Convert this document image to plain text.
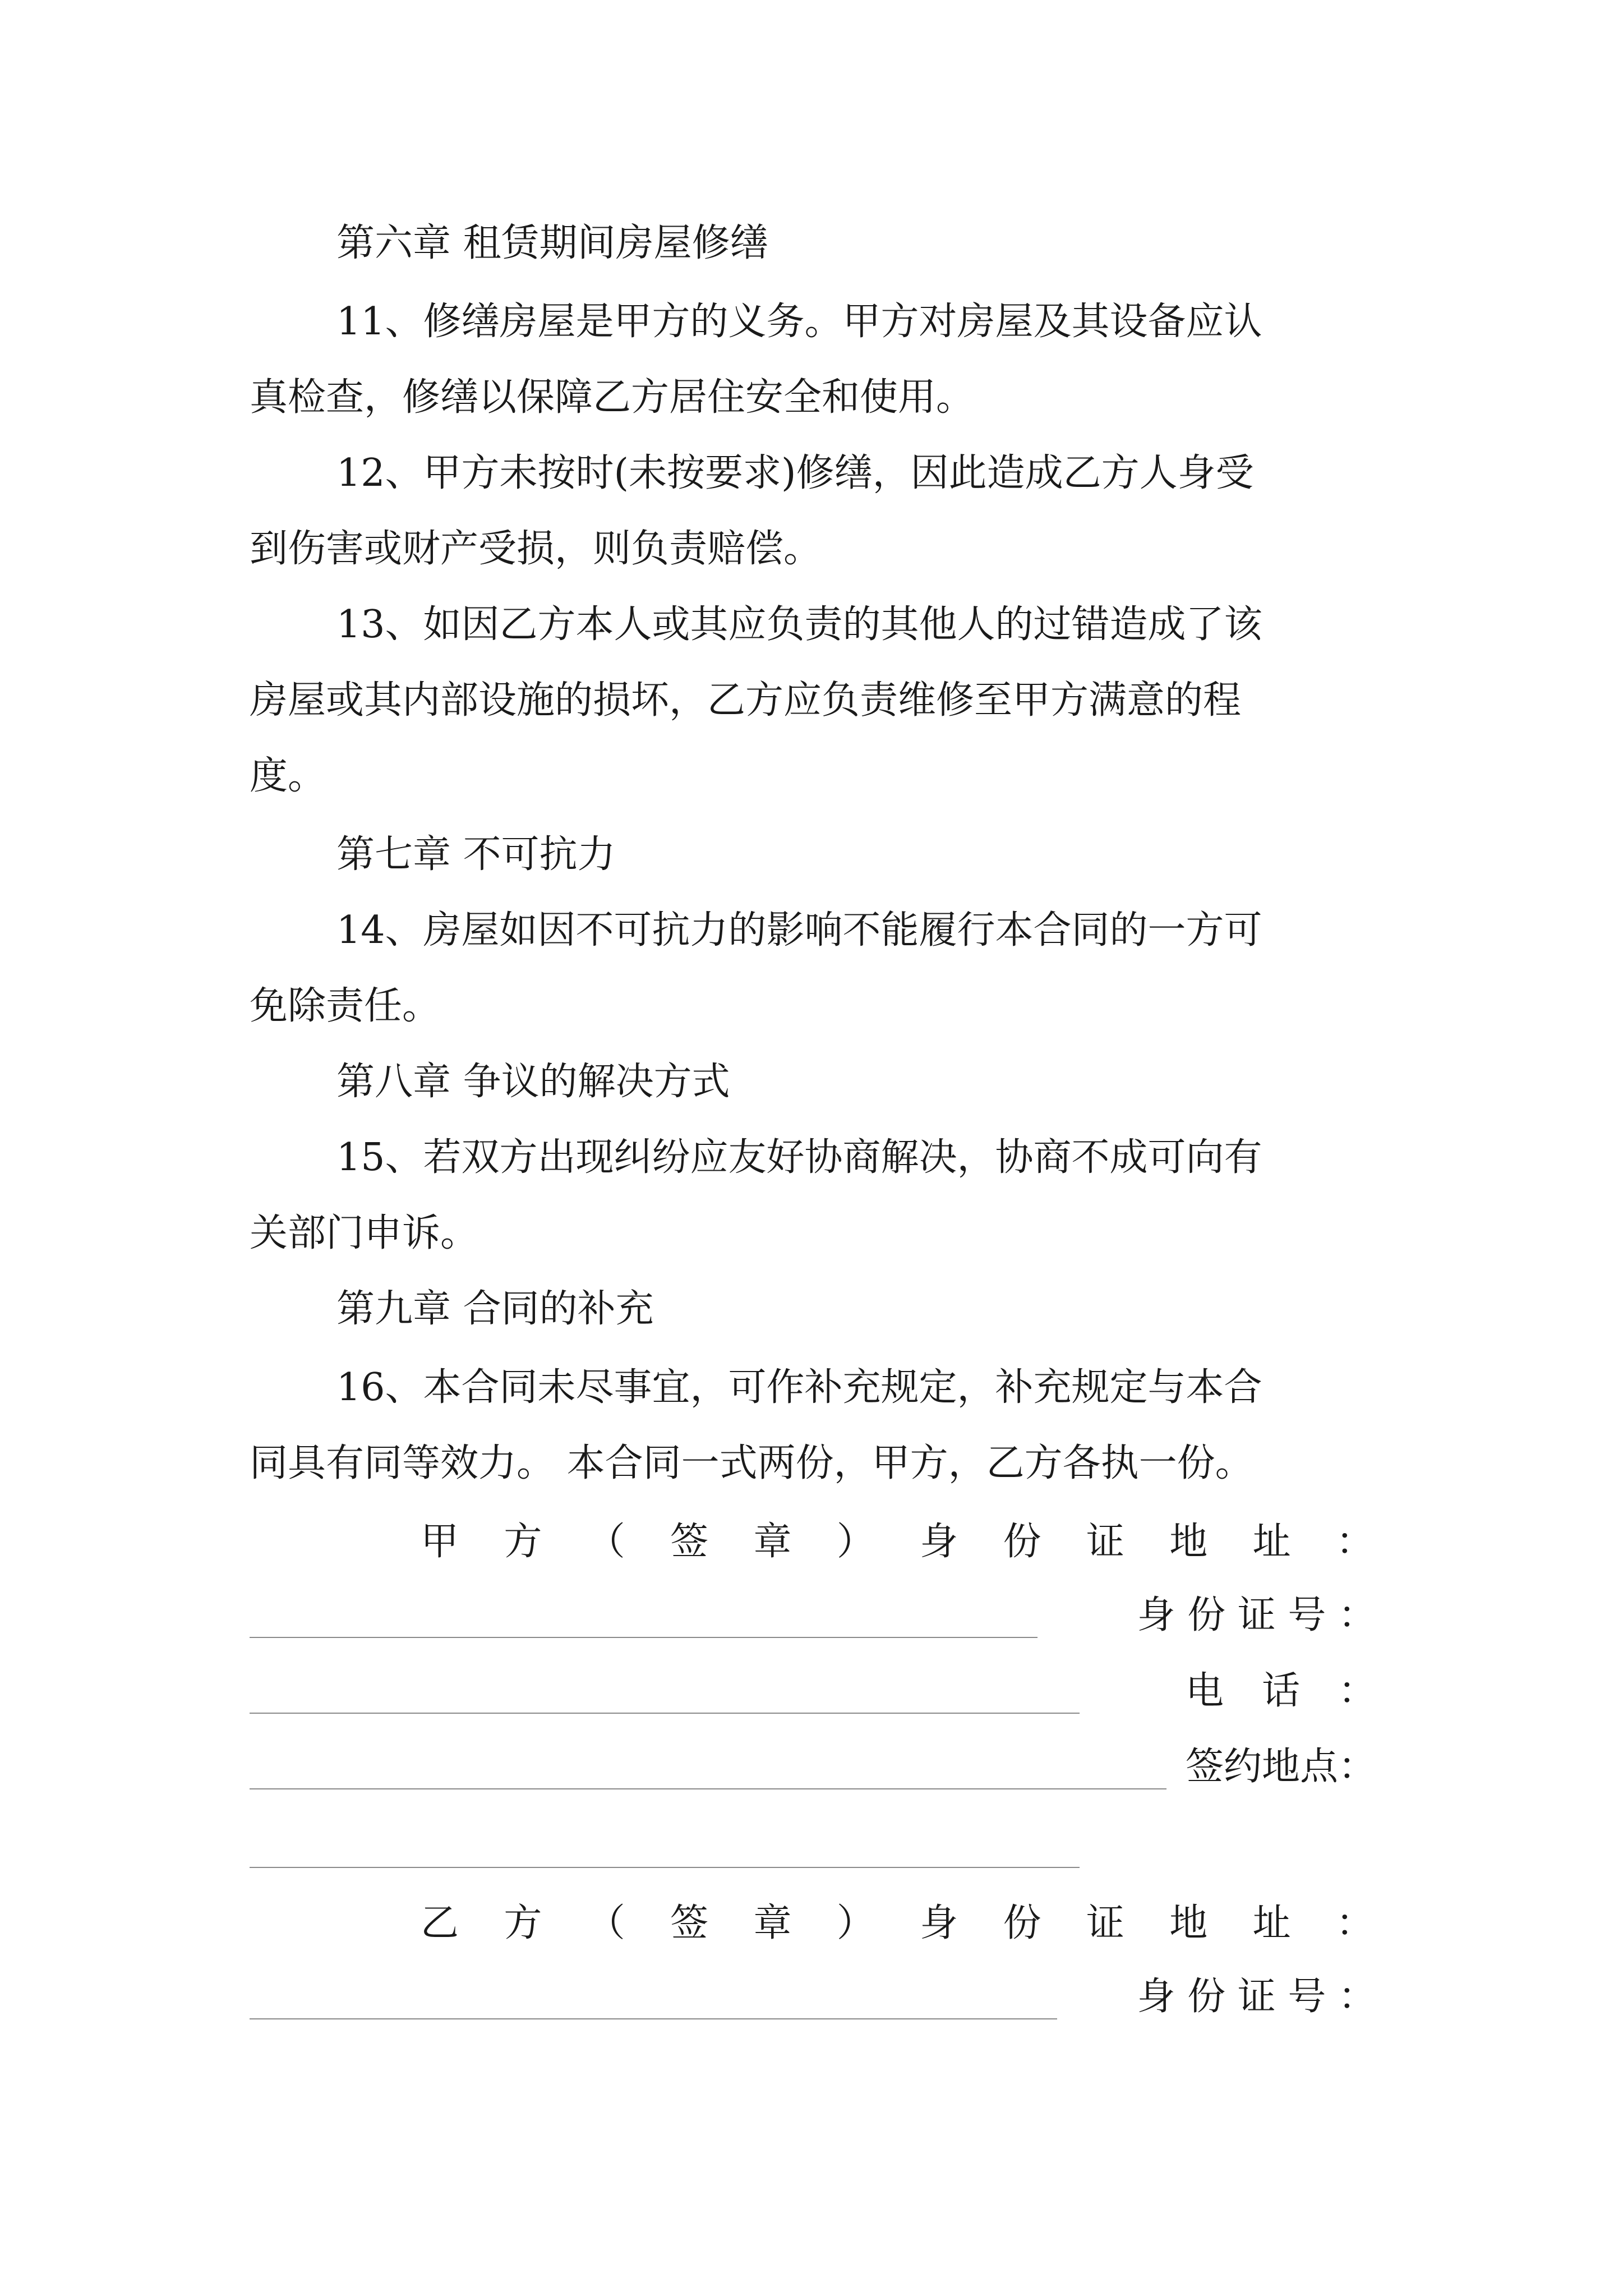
第六章 租赁期间房屋修缮
11、修缮房屋是甲方的义务。甲方对房屋及其设备应认
真检查，修缮以保障乙方居住安全和使用。
12、甲方未按时(未按要求)修缮，因此造成乙方人身受
到伤害或财产受损，则负责赔偿。
13、如因乙方本人或其应负责的其他人的过错造成了该
房屋或其内部设施的损坏，乙方应负责维修至甲方满意的程
度。
第七章 不可抗力
14、房屋如因不可抗力的影响不能履行本合同的一方可
免除责任。
第八章 争议的解决方式
15、若双方出现纠纷应友好协商解决，协商不成可向有
关部门申诉。
第九章 合同的补充
16、本合同未尽事宜，可作补充规定，补充规定与本合
同具有同等效力。 本合同一式两份，甲方，乙方各执一份。
甲 方 （ 签 章 ） 身 份 证 地 址 ：
身 份 证 号 ：
电　话　：
签约地点：
乙 方 （ 签 章 ） 身 份 证 地 址 ：
身 份 证 号 ：
